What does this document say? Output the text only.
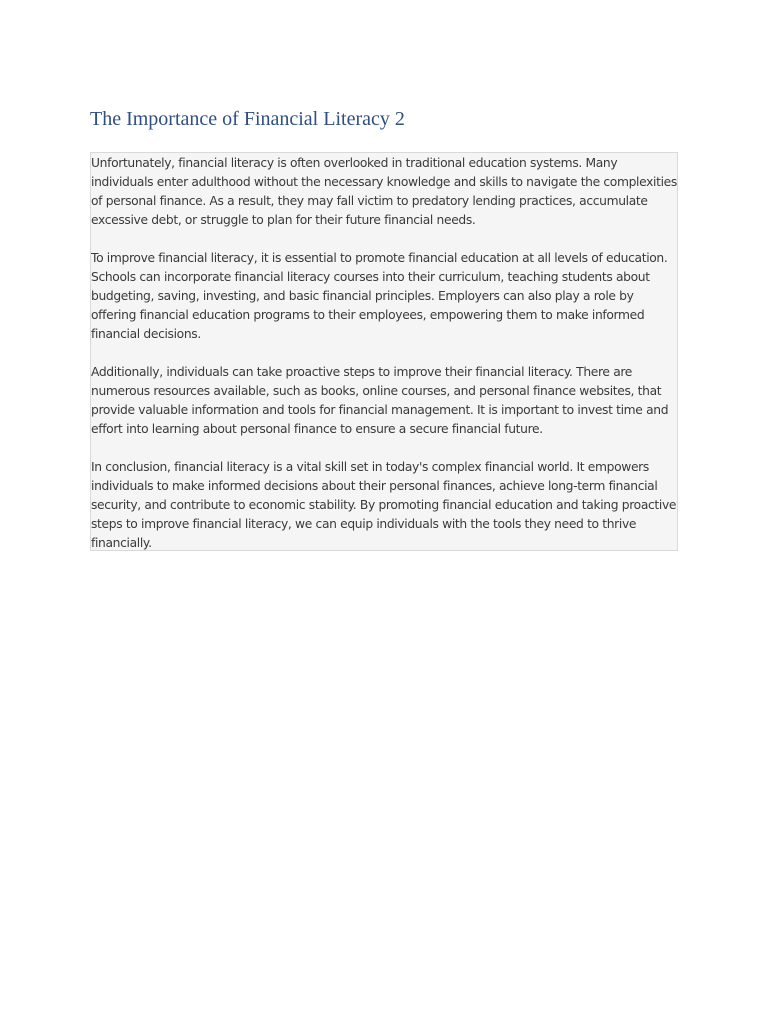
The Importance of Financial Literacy 2

Unfortunately, financial literacy is often overlooked in traditional education systems. Many individuals enter adulthood without the necessary knowledge and skills to navigate the complexities of personal finance. As a result, they may fall victim to predatory lending practices, accumulate excessive debt, or struggle to plan for their future financial needs.

To improve financial literacy, it is essential to promote financial education at all levels of education. Schools can incorporate financial literacy courses into their curriculum, teaching students about budgeting, saving, investing, and basic financial principles. Employers can also play a role by offering financial education programs to their employees, empowering them to make informed financial decisions.

Additionally, individuals can take proactive steps to improve their financial literacy. There are numerous resources available, such as books, online courses, and personal finance websites, that provide valuable information and tools for financial management. It is important to invest time and effort into learning about personal finance to ensure a secure financial future.

In conclusion, financial literacy is a vital skill set in today's complex financial world. It empowers individuals to make informed decisions about their personal finances, achieve long-term financial security, and contribute to economic stability. By promoting financial education and taking proactive steps to improve financial literacy, we can equip individuals with the tools they need to thrive financially.
